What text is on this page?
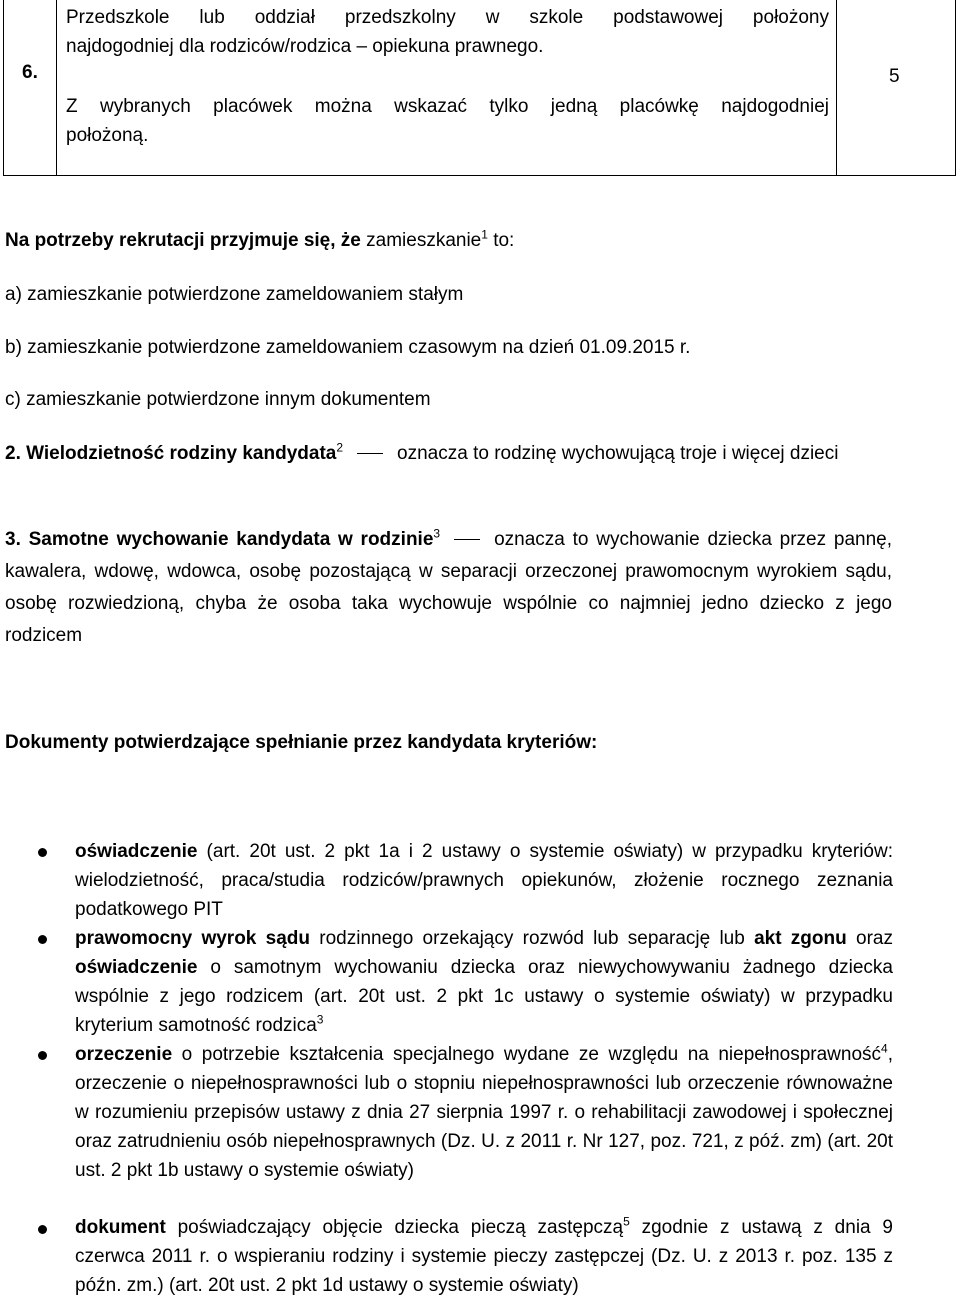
6.

Przedszkole lub oddział przedszkolny w szkole podstawowej położony
najdogodniej dla rodziców/rodzica – opiekuna prawnego.

Z wybranych placówek można wskazać tylko jedną placówkę najdogodniej
położoną.

5
Na potrzeby rekrutacji przyjmuje się, że zamieszkanie$^1$ to:
a) zamieszkanie potwierdzone zameldowaniem stałym
b) zamieszkanie potwierdzone zameldowaniem czasowym na dzień 01.09.2015 r.
c) zamieszkanie potwierdzone innym dokumentem
2. Wielodzietność rodziny kandydata$^2$	oznacza to rodzinę wychowującą troje i więcej dzieci
3. Samotne wychowanie kandydata w rodzinie$^3$	oznacza to wychowanie dziecka przez pannę, kawalera, wdowę, wdowca, osobę pozostającą w separacji orzeczonej prawomocnym wyrokiem sądu, osobę rozwiedzioną, chyba że osoba taka wychowuje wspólnie co najmniej jedno dziecko z jego rodzicem
Dokumenty potwierdzające spełnianie przez kandydata kryteriów:
oświadczenie (art. 20t ust. 2 pkt 1a i 2 ustawy o systemie oświaty) w przypadku kryteriów: wielodzietność, praca/studia rodziców/prawnych opiekunów, złożenie rocznego zeznania podatkowego PIT
prawomocny wyrok sądu rodzinnego orzekający rozwód lub separację lub akt zgonu oraz oświadczenie o samotnym wychowaniu dziecka oraz niewychowywaniu żadnego dziecka wspólnie z jego rodzicem (art. 20t ust. 2 pkt 1c ustawy o systemie oświaty) w przypadku kryterium samotność rodzica$^3$
orzeczenie o potrzebie kształcenia specjalnego wydane ze względu na niepełnosprawność$^4$, orzeczenie o niepełnosprawności lub o stopniu niepełnosprawności lub orzeczenie równoważne w rozumieniu przepisów ustawy z dnia 27 sierpnia 1997 r. o rehabilitacji zawodowej i społecznej oraz zatrudnieniu osób niepełnosprawnych (Dz. U. z 2011 r. Nr 127, poz. 721, z póź. zm) (art. 20t ust. 2 pkt 1b ustawy o systemie oświaty)
dokument poświadczający objęcie dziecka pieczą zastępczą$^5$ zgodnie z ustawą z dnia 9 czerwca 2011 r. o wspieraniu rodziny i systemie pieczy zastępczej (Dz. U. z 2013 r. poz. 135 z późn. zm.) (art. 20t ust. 2 pkt 1d ustawy o systemie oświaty)
